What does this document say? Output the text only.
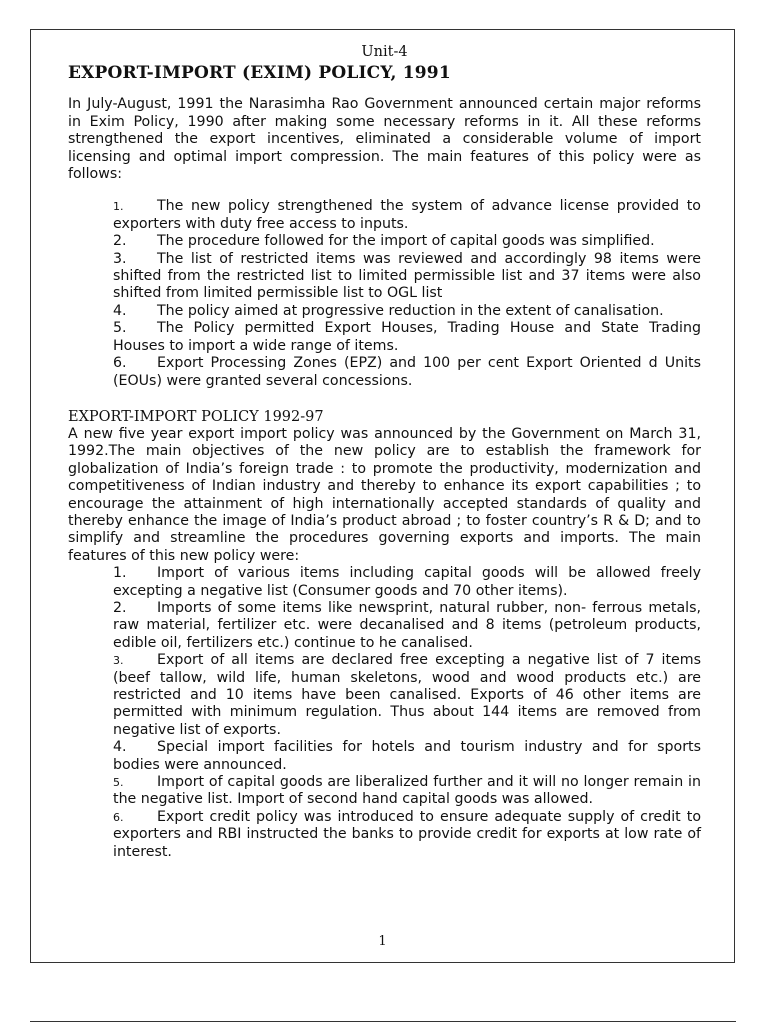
Unit-4
EXPORT-IMPORT (EXIM) POLICY, 1991

In July-August, 1991 the Narasimha Rao Government announced certain major reforms in Exim Policy, 1990 after making some necessary reforms in it. All these reforms strengthened the export incentives, eliminated a considerable volume of import licensing and optimal import compression. The main features of this policy were as follows:

1. The new policy strengthened the system of advance license provided to exporters with duty free access to inputs.
2. The procedure followed for the import of capital goods was simplified.
3. The list of restricted items was reviewed and accordingly 98 items were shifted from the restricted list to limited permissible list and 37 items were also shifted from limited permissible list to OGL list
4. The policy aimed at progressive reduction in the extent of canalisation.
5. The Policy permitted Export Houses, Trading House and State Trading Houses to import a wide range of items.
6. Export Processing Zones (EPZ) and 100 per cent Export Oriented d Units (EOUs) were granted several concessions.
EXPORT-IMPORT POLICY 1992-97

A new five year export import policy was announced by the Government on March 31, 1992.The main objectives of the new policy are to establish the framework for globalization of India’s foreign trade : to promote the productivity, modernization and competitiveness of Indian industry and thereby to enhance its export capabilities ; to encourage the attainment of high internationally accepted standards of quality and thereby enhance the image of India’s product abroad ; to foster country’s R & D; and to simplify and streamline the procedures governing exports and imports. The main features of this new policy were:

1. Import of various items including capital goods will be allowed freely excepting a negative list (Consumer goods and 70 other items).
2. Imports of some items like newsprint, natural rubber, non- ferrous metals, raw material, fertilizer etc. were decanalised and 8 items (petroleum products, edible oil, fertilizers etc.) continue to he canalised.
3. Export of all items are declared free excepting a negative list of 7 items (beef tallow, wild life, human skeletons, wood and wood products etc.) are restricted and 10 items have been canalised. Exports of 46 other items are permitted with minimum regulation. Thus about 144 items are removed from negative list of exports.
4. Special import facilities for hotels and tourism industry and for sports bodies were announced.
5. Import of capital goods are liberalized further and it will no longer remain in the negative list. Import of second hand capital goods was allowed.
6. Export credit policy was introduced to ensure adequate supply of credit to exporters and RBI instructed the banks to provide credit for exports at low rate of interest.
1
